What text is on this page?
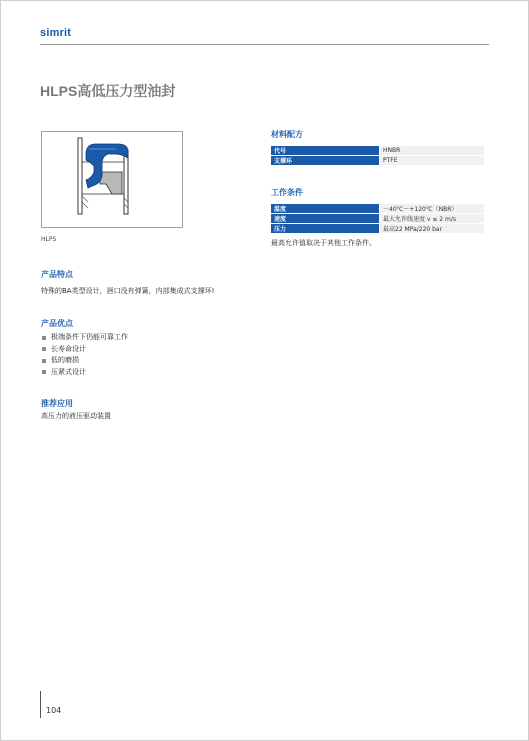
simrit
HLPS高低压力型油封
HLPS
产品特点
特殊的BA类型设计，唇口没有弹簧，内部集成式支撑环!
产品优点
极端条件下仍能可靠工作
长寿命设计
低的磨损
压紧式设计
推荐应用
高压力的液压驱动装置
材料配方
代号	HNBR
支撑环	PTFE
工作条件
温度	－40℃～+120℃（NBR）
速度	最大允许线速度 v ≤ 2 m/s
压力	最高22 MPa/220 bar
最高允许值取决于其他工作条件。
104
